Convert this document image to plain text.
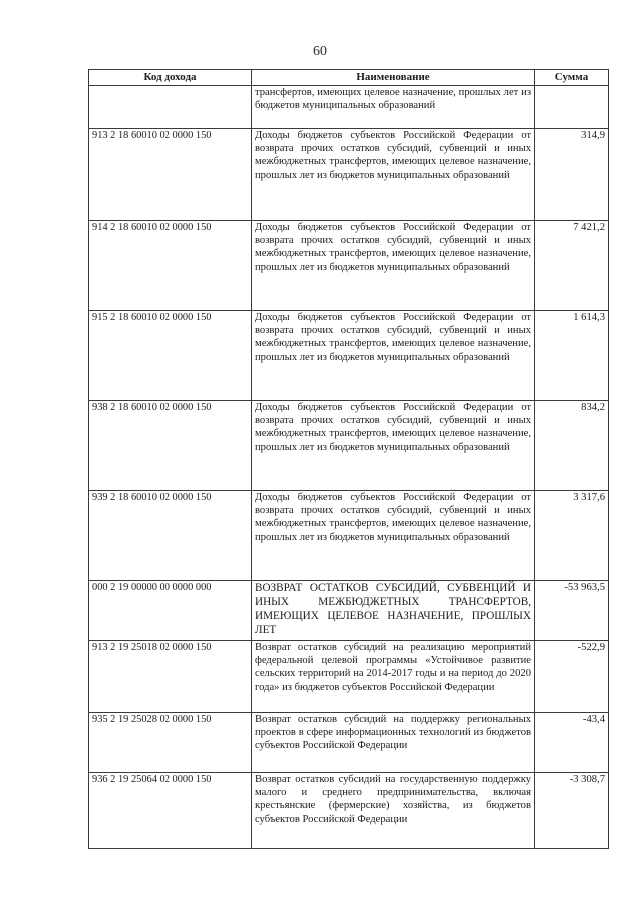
60
Код дохода	Наименование	Сумма

	трансфертов, имеющих целевое назначение, прошлых лет из бюджетов муниципальных образований	

913 2 18 60010 02 0000 150	Доходы бюджетов субъектов Российской Федерации от возврата прочих остатков субсидий, субвенций и иных межбюджетных трансфертов, имеющих целевое назначение, прошлых лет из бюджетов муниципальных образований	314,9
914 2 18 60010 02 0000 150	Доходы бюджетов субъектов Российской Федерации от возврата прочих остатков субсидий, субвенций и иных межбюджетных трансфертов, имеющих целевое назначение, прошлых лет из бюджетов муниципальных образований	7 421,2
915 2 18 60010 02 0000 150	Доходы бюджетов субъектов Российской Федерации от возврата прочих остатков субсидий, субвенций и иных межбюджетных трансфертов, имеющих целевое назначение, прошлых лет из бюджетов муниципальных образований	1 614,3
938 2 18 60010 02 0000 150	Доходы бюджетов субъектов Российской Федерации от возврата прочих остатков субсидий, субвенций и иных межбюджетных трансфертов, имеющих целевое назначение, прошлых лет из бюджетов муниципальных образований	834,2
939 2 18 60010 02 0000 150	Доходы бюджетов субъектов Российской Федерации от возврата прочих остатков субсидий, субвенций и иных межбюджетных трансфертов, имеющих целевое назначение, прошлых лет из бюджетов муниципальных образований	3 317,6
000 2 19 00000 00 0000 000	ВОЗВРАТ ОСТАТКОВ СУБСИДИЙ, СУБВЕНЦИЙ И ИНЫХ МЕЖБЮДЖЕТНЫХ ТРАНСФЕРТОВ, ИМЕЮЩИХ ЦЕЛЕВОЕ НАЗНАЧЕНИЕ, ПРОШЛЫХ ЛЕТ	-53 963,5
913 2 19 25018 02 0000 150	Возврат остатков субсидий на реализацию мероприятий федеральной целевой программы «Устойчивое развитие сельских территорий на 2014-2017 годы и на период до 2020 года» из бюджетов субъектов Российской Федерации	-522,9
935 2 19 25028 02 0000 150	Возврат остатков субсидий на поддержку региональных проектов в сфере информационных технологий из бюджетов субъектов Российской Федерации	-43,4
936 2 19 25064 02 0000 150	Возврат остатков субсидий на государственную поддержку малого и среднего предпринимательства, включая крестьянские (фермерские) хозяйства, из бюджетов субъектов Российской Федерации	-3 308,7
